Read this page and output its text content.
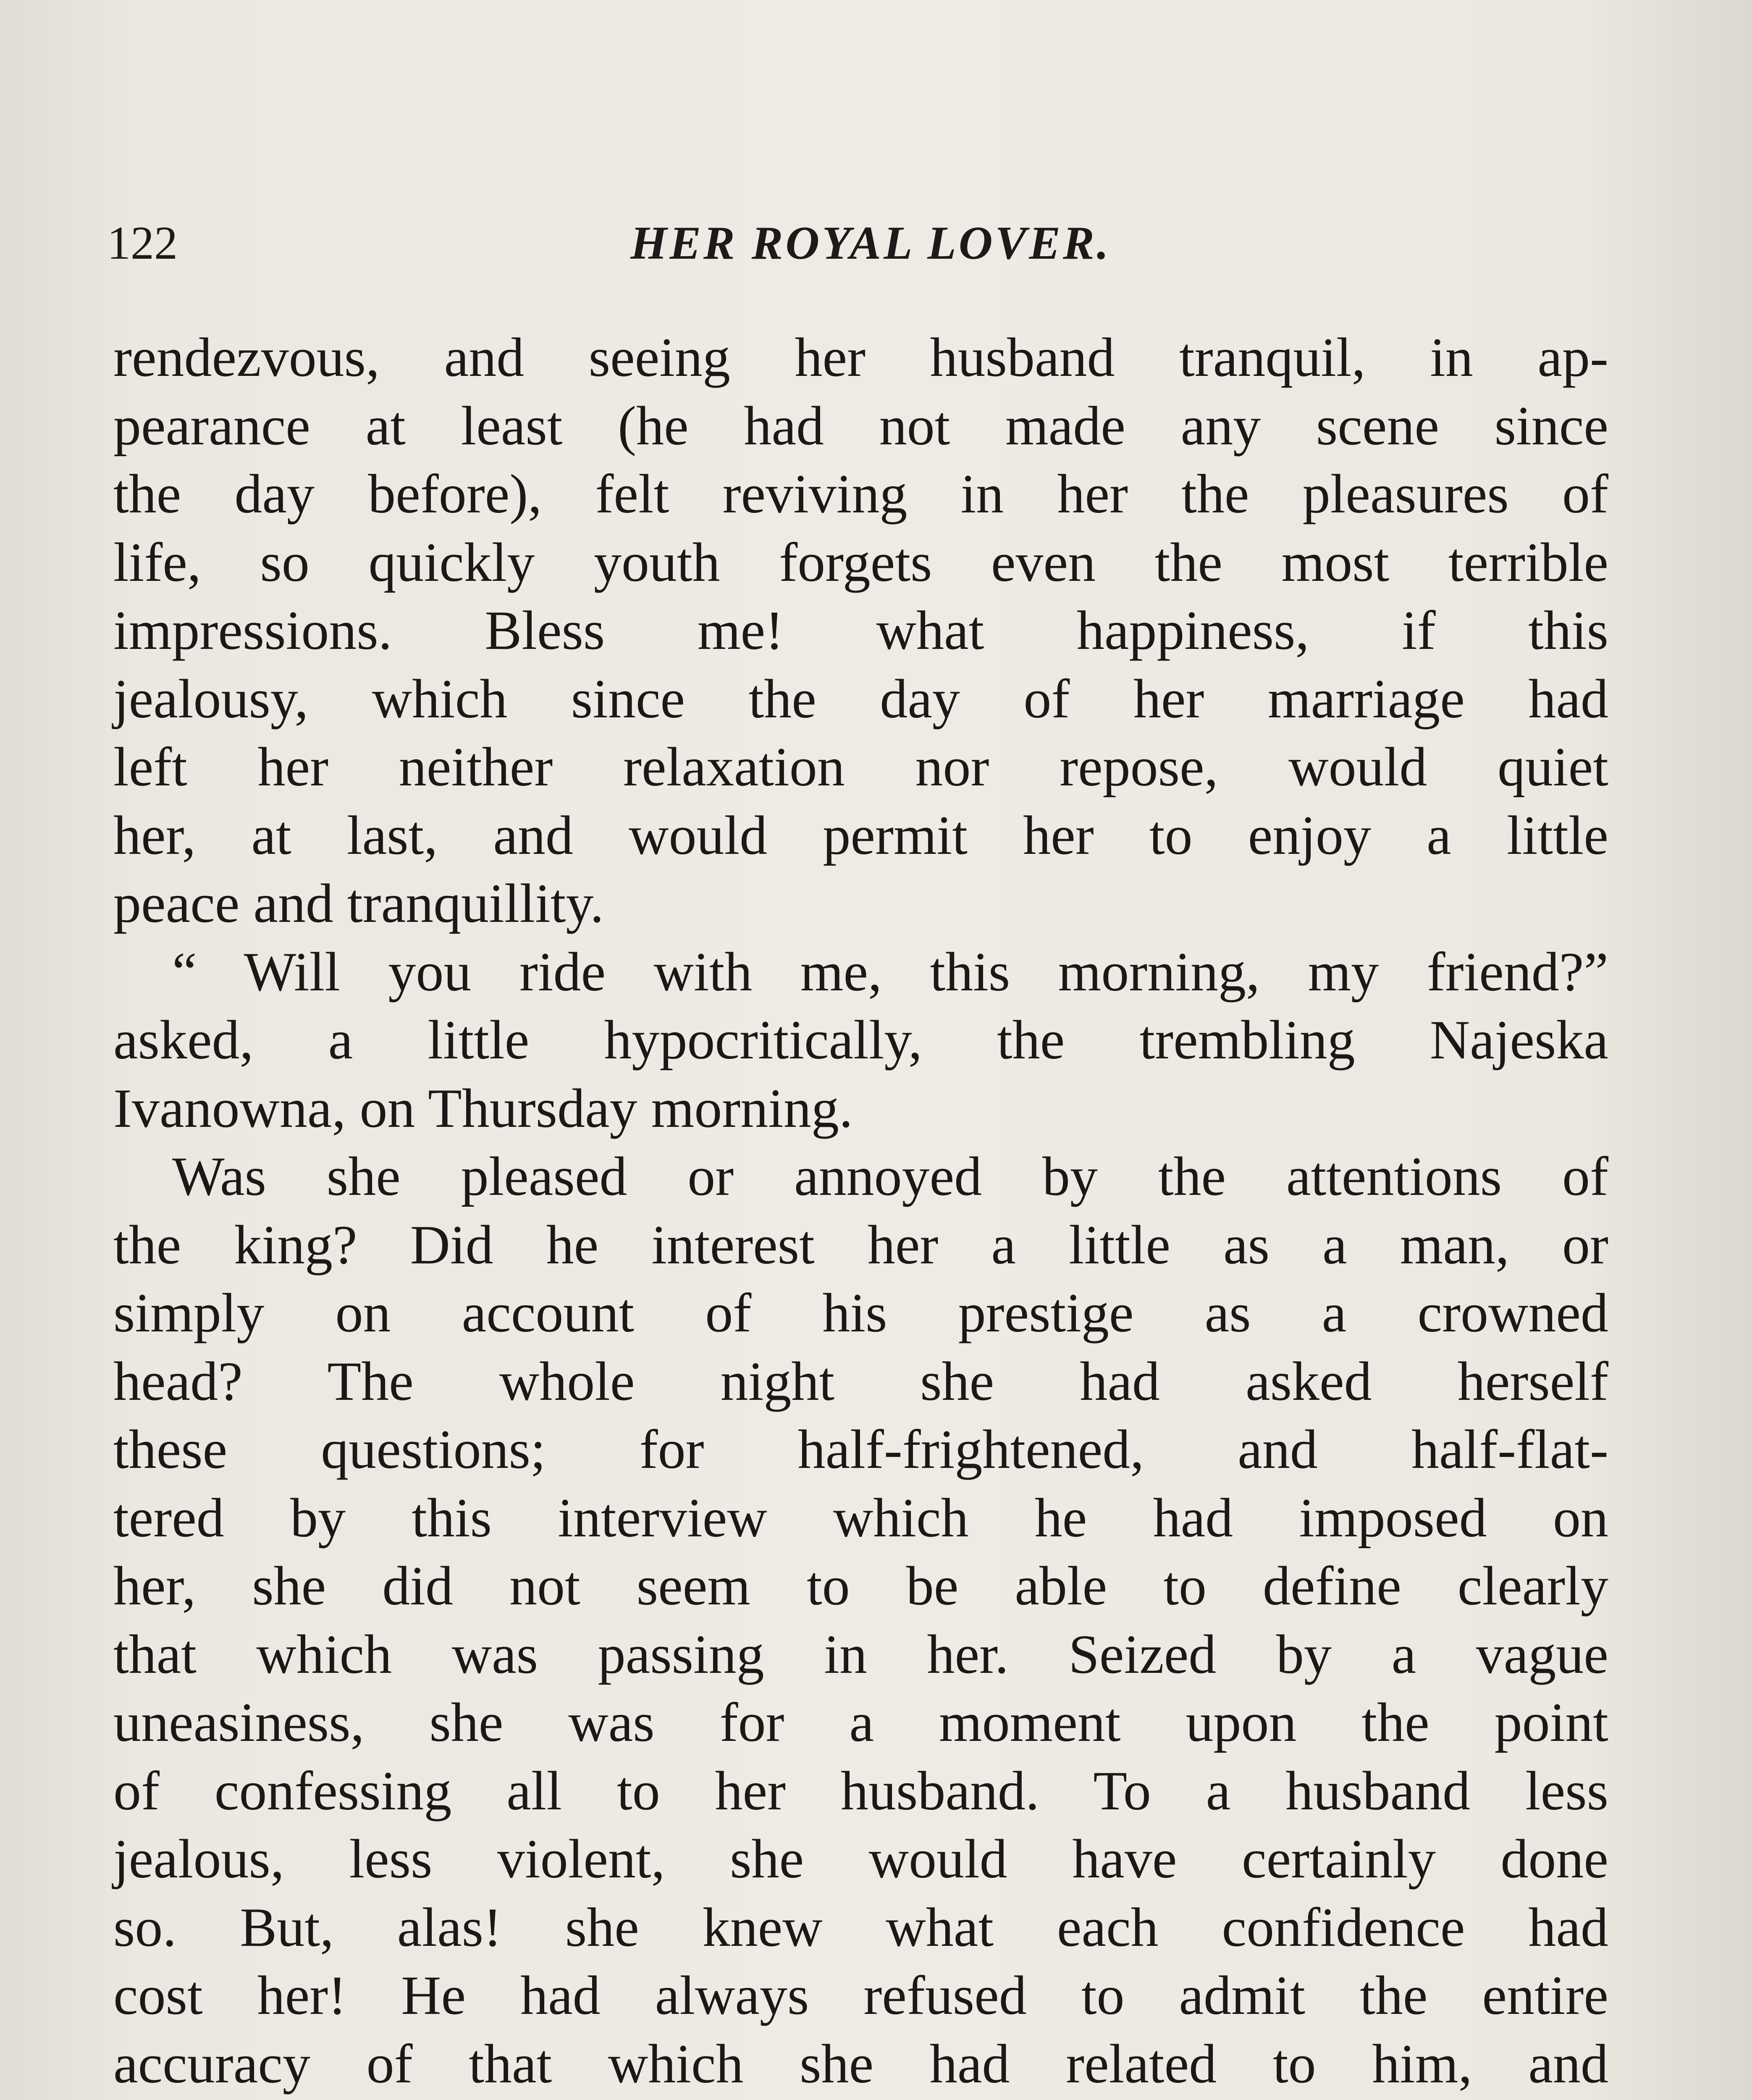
122	HER ROYAL LOVER.

rendezvous, and seeing her husband tranquil, in ap-

pearance at least (he had not made any scene since

the day before), felt reviving in her the pleasures of

life, so quickly youth forgets even the most terrible

impressions. Bless me! what happiness, if this

jealousy, which since the day of her marriage had

left her neither relaxation nor repose, would quiet

her, at last, and would permit her to enjoy a little

peace and tranquillity.

“ Will you ride with me, this morning, my friend?”

asked, a little hypocritically, the trembling Najeska

Ivanowna, on Thursday morning.

Was she pleased or annoyed by the attentions of

the king? Did he interest her a little as a man, or

simply on account of his prestige as a crowned

head? The whole night she had asked herself

these questions; for half-frightened, and half-flat-

tered by this interview which he had imposed on

her, she did not seem to be able to define clearly

that which was passing in her. Seized by a vague

uneasiness, she was for a moment upon the point

of confessing all to her husband. To a husband less

jealous, less violent, she would have certainly done

so. But, alas! she knew what each confidence had

cost her! He had always refused to admit the entire

accuracy of that which she had related to him, and
